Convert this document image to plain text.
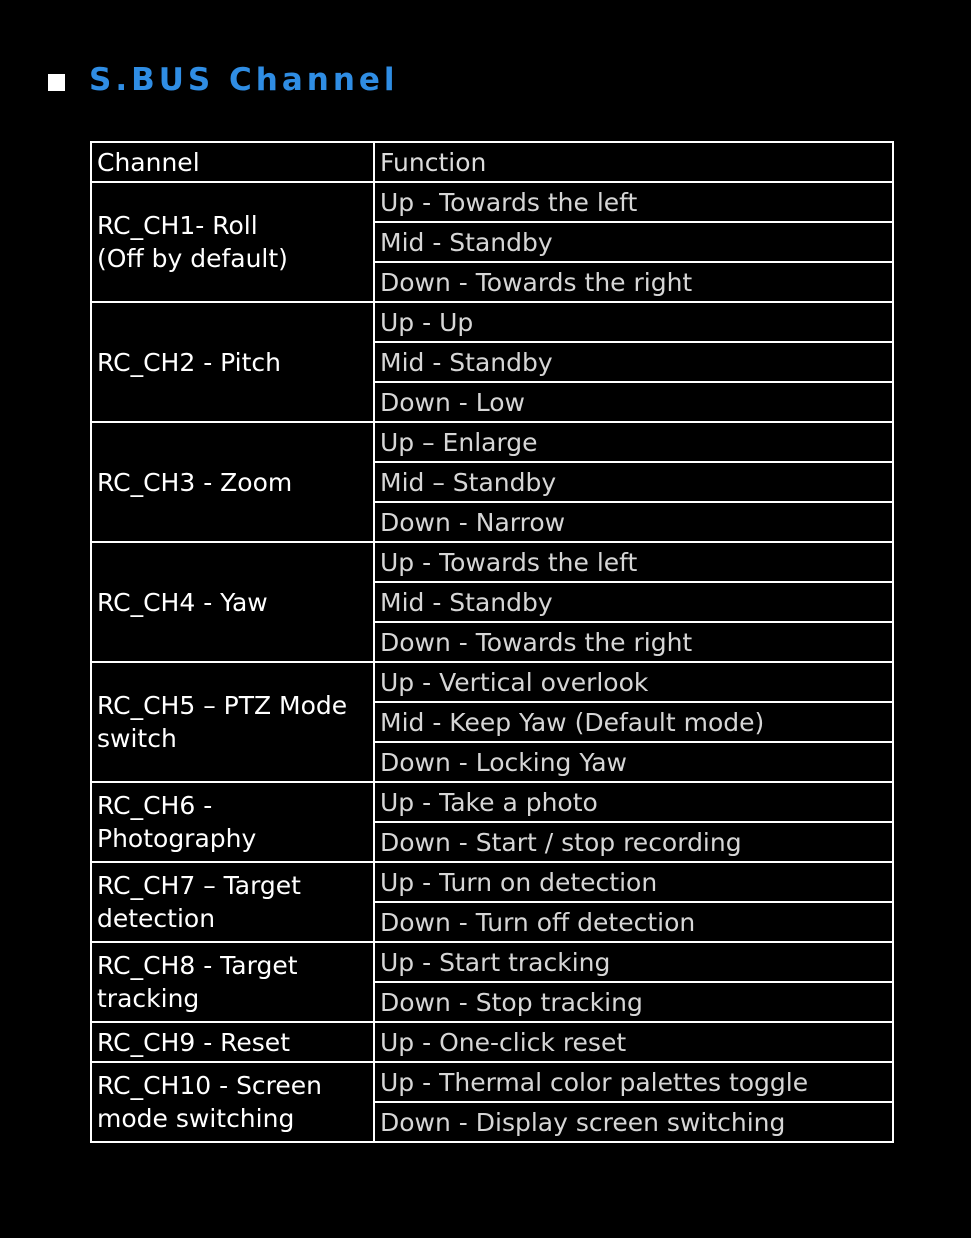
S.BUS Channel
Channel	Function
RC_CH1- Roll
(Off by default)	Up - Towards the left
	Mid - Standby
	Down - Towards the right
RC_CH2 - Pitch	Up - Up
	Mid - Standby
	Down - Low
RC_CH3 - Zoom	Up – Enlarge
	Mid – Standby
	Down - Narrow
RC_CH4 - Yaw	Up - Towards the left
	Mid - Standby
	Down - Towards the right
RC_CH5 – PTZ Mode switch	Up - Vertical overlook
	Mid - Keep Yaw (Default mode)
	Down - Locking Yaw
RC_CH6 - Photography	Up - Take a photo
	Down - Start / stop recording
RC_CH7 – Target detection	Up - Turn on detection
	Down - Turn off detection
RC_CH8 - Target tracking	Up - Start tracking
	Down - Stop tracking
RC_CH9 - Reset	Up - One-click reset
RC_CH10 - Screen mode switching	Up - Thermal color palettes toggle
	Down - Display screen switching
